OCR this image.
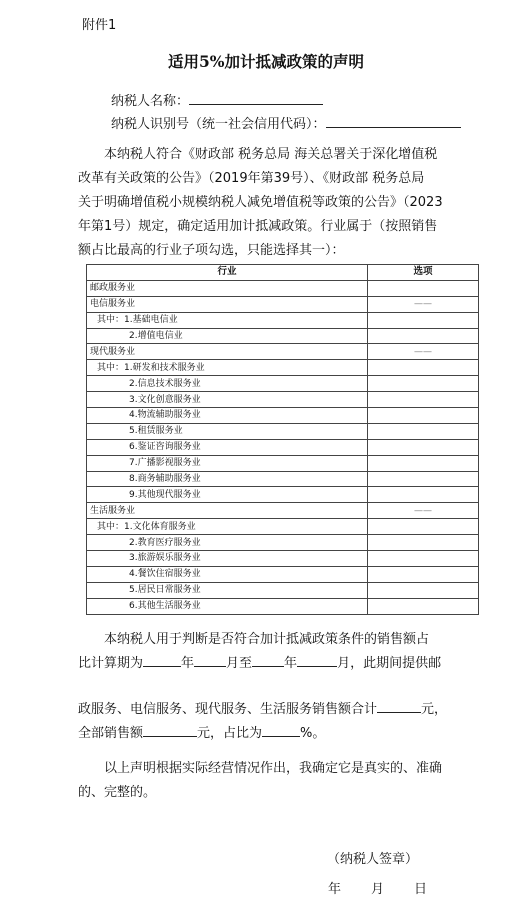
附件1
适用5%加计抵减政策的声明
纳税人名称：
纳税人识别号（统一社会信用代码）：
本纳税人符合《财政部 税务总局 海关总署关于深化增值税
改革有关政策的公告》（2019年第39号）、《财政部 税务总局
关于明确增值税小规模纳税人减免增值税等政策的公告》（2023
年第1号）规定，确定适用加计抵减政策。行业属于（按照销售
额占比最高的行业子项勾选，只能选择其一）：
行业	选项
邮政服务业	
电信服务业	——
其中：1.基础电信业	
2.增值电信业	
现代服务业	——
其中：1.研发和技术服务业	
2.信息技术服务业	
3.文化创意服务业	
4.物流辅助服务业	
5.租赁服务业	
6.鉴证咨询服务业	
7.广播影视服务业	
8.商务辅助服务业	
9.其他现代服务业	
生活服务业	——
其中：1.文化体育服务业	
2.教育医疗服务业	
3.旅游娱乐服务业	
4.餐饮住宿服务业	
5.居民日常服务业	
6.其他生活服务业	
本纳税人用于判断是否符合加计抵减政策条件的销售额占
比计算期为	年 月至 年	月，此期间提供邮
政服务、电信服务、现代服务、生活服务销售额合计	元，
全部销售额	元，占比为	%。
以上声明根据实际经营情况作出，我确定它是真实的、准确
的、完整的。
（纳税人签章）
年 月 日
